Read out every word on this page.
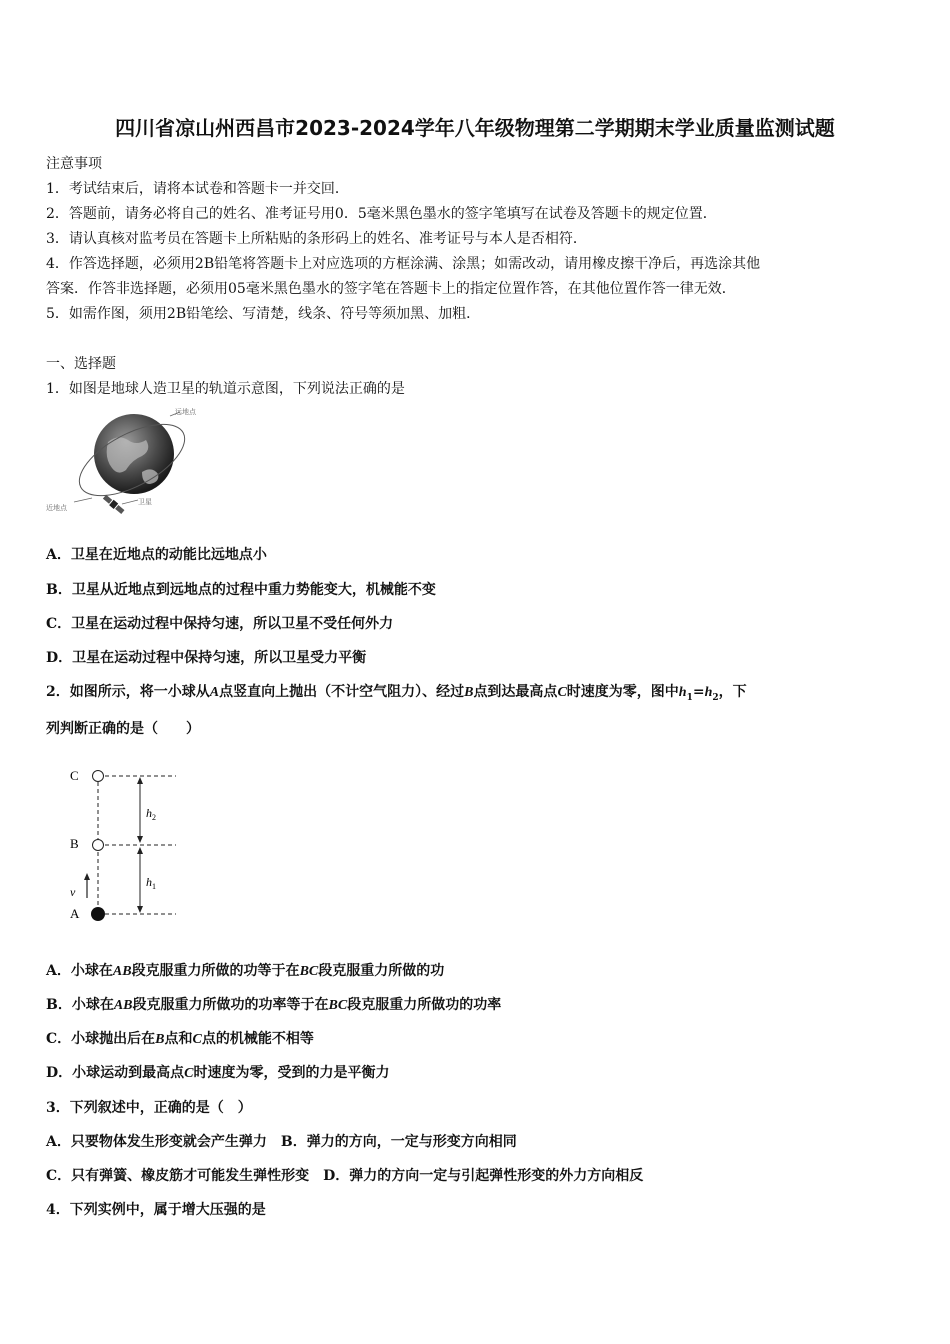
四川省凉山州西昌市2023-2024学年八年级物理第二学期期末学业质量监测试题
注意事项
1．考试结束后，请将本试卷和答题卡一并交回．
2．答题前，请务必将自己的姓名、准考证号用0．5毫米黑色墨水的签字笔填写在试卷及答题卡的规定位置．
3．请认真核对监考员在答题卡上所粘贴的条形码上的姓名、准考证号与本人是否相符．
4．作答选择题，必须用2B铅笔将答题卡上对应选项的方框涂满、涂黑；如需改动，请用橡皮擦干净后，再选涂其他
答案．作答非选择题，必须用05毫米黑色墨水的签字笔在答题卡上的指定位置作答，在其他位置作答一律无效．
5．如需作图，须用2B铅笔绘、写清楚，线条、符号等须加黑、加粗．
一、选择题
1．如图是地球人造卫星的轨道示意图，下列说法正确的是
远地点
近地点
卫星
A．卫星在近地点的动能比远地点小
B．卫星从近地点到远地点的过程中重力势能变大，机械能不变
C．卫星在运动过程中保持匀速，所以卫星不受任何外力
D．卫星在运动过程中保持匀速，所以卫星受力平衡
2．如图所示，将一小球从A点竖直向上抛出（不计空气阻力）、经过B点到达最高点C时速度为零，图中$h_1=h_2$，下
列判断正确的是（　　）
C
B
A
v
$h_2$
$h_1$
A．小球在AB段克服重力所做的功等于在BC段克服重力所做的功
B．小球在AB段克服重力所做功的功率等于在BC段克服重力所做功的功率
C．小球抛出后在B点和C点的机械能不相等
D．小球运动到最高点C时速度为零，受到的力是平衡力
3．下列叙述中，正确的是（　）
A．只要物体发生形变就会产生弹力　B．弹力的方向，一定与形变方向相同
C．只有弹簧、橡皮筋才可能发生弹性形变　D．弹力的方向一定与引起弹性形变的外力方向相反
4．下列实例中，属于增大压强的是
